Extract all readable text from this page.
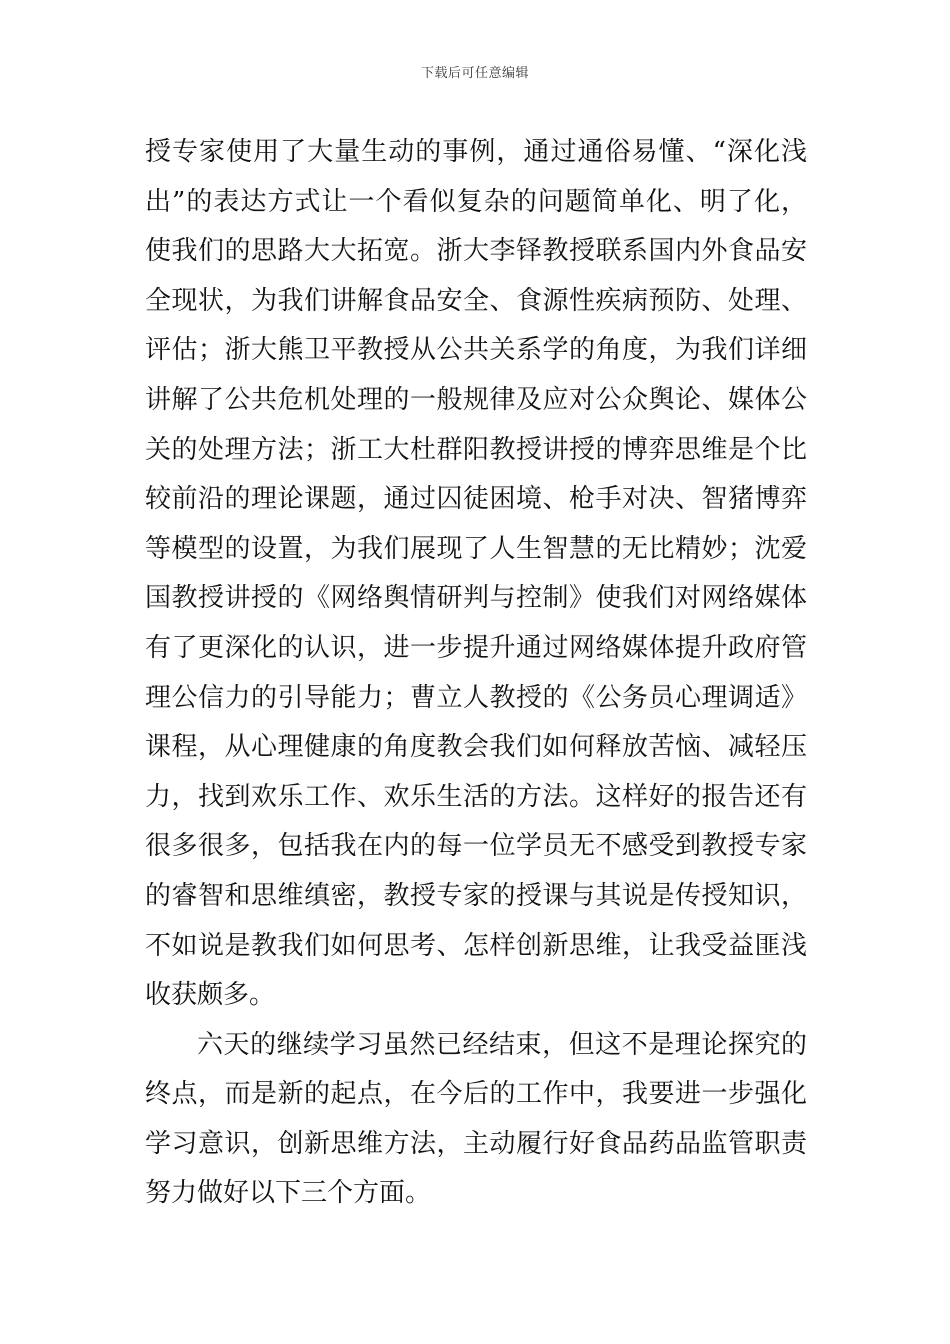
下载后可任意编辑
授专家使用了大量生动的事例，通过通俗易懂、“深化浅
出”的表达方式让一个看似复杂的问题简单化、明了化，
使我们的思路大大拓宽。浙大李铎教授联系国内外食品安
全现状，为我们讲解食品安全、食源性疾病预防、处理、
评估；浙大熊卫平教授从公共关系学的角度，为我们详细
讲解了公共危机处理的一般规律及应对公众舆论、媒体公
关的处理方法；浙工大杜群阳教授讲授的博弈思维是个比
较前沿的理论课题，通过囚徒困境、枪手对决、智猪博弈
等模型的设置，为我们展现了人生智慧的无比精妙；沈爱
国教授讲授的《网络舆情研判与控制》使我们对网络媒体
有了更深化的认识，进一步提升通过网络媒体提升政府管
理公信力的引导能力；曹立人教授的《公务员心理调适》
课程，从心理健康的角度教会我们如何释放苦恼、减轻压
力，找到欢乐工作、欢乐生活的方法。这样好的报告还有
很多很多，包括我在内的每一位学员无不感受到教授专家
的睿智和思维缜密，教授专家的授课与其说是传授知识，
不如说是教我们如何思考、怎样创新思维，让我受益匪浅
收获颇多。
六天的继续学习虽然已经结束，但这不是理论探究的
终点，而是新的起点，在今后的工作中，我要进一步强化
学习意识，创新思维方法，主动履行好食品药品监管职责
努力做好以下三个方面。
